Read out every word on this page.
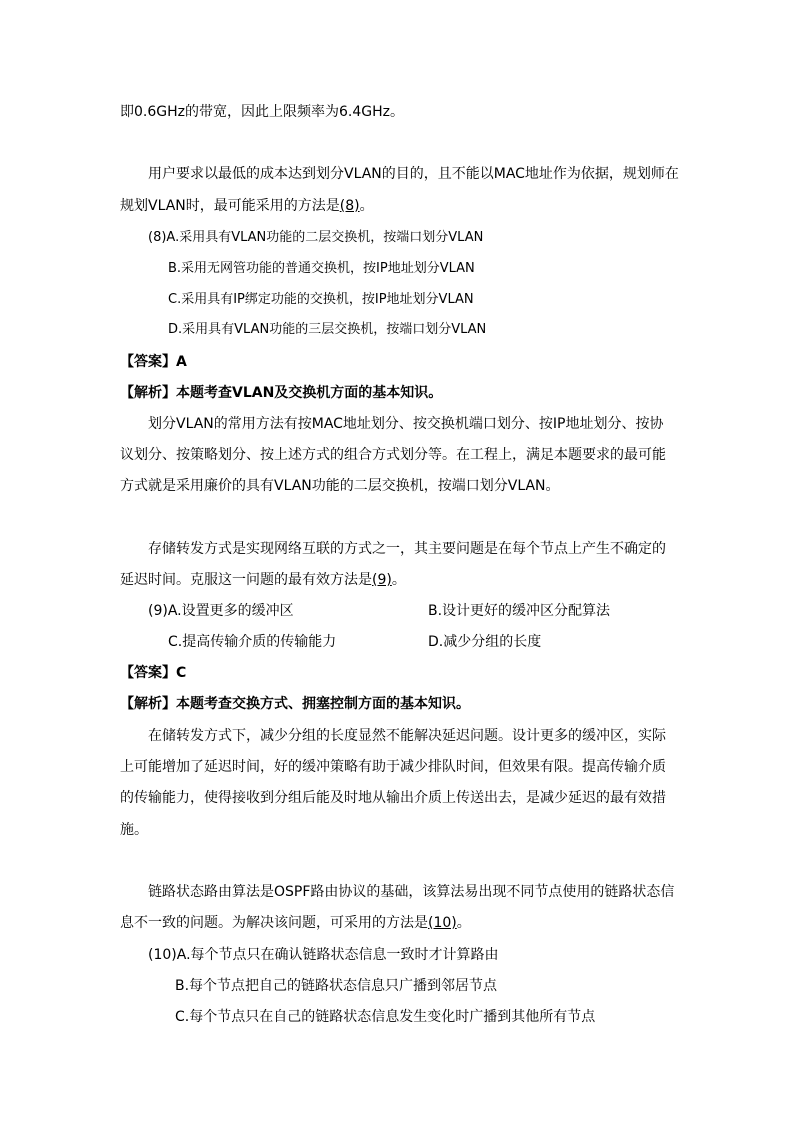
即0.6GHz的带宽，因此上限频率为6.4GHz。
用户要求以最低的成本达到划分VLAN的目的，且不能以MAC地址作为依据，规划师在
规划VLAN时，最可能采用的方法是(8)。
(8)A.采用具有VLAN功能的二层交换机，按端口划分VLAN
B.采用无网管功能的普通交换机，按IP地址划分VLAN
C.采用具有IP绑定功能的交换机，按IP地址划分VLAN
D.采用具有VLAN功能的三层交换机，按端口划分VLAN
【答案】A
【解析】本题考查VLAN及交换机方面的基本知识。
划分VLAN的常用方法有按MAC地址划分、按交换机端口划分、按IP地址划分、按协
议划分、按策略划分、按上述方式的组合方式划分等。在工程上，满足本题要求的最可能
方式就是采用廉价的具有VLAN功能的二层交换机，按端口划分VLAN。
存储转发方式是实现网络互联的方式之一，其主要问题是在每个节点上产生不确定的
延迟时间。克服这一问题的最有效方法是(9)。
(9)A.设置更多的缓冲区	B.设计更好的缓冲区分配算法
C.提高传输介质的传输能力	D.减少分组的长度
【答案】C
【解析】本题考查交换方式、拥塞控制方面的基本知识。
在储转发方式下，减少分组的长度显然不能解决延迟问题。设计更多的缓冲区，实际
上可能增加了延迟时间，好的缓冲策略有助于减少排队时间，但效果有限。提高传输介质
的传输能力，使得接收到分组后能及时地从输出介质上传送出去，是减少延迟的最有效措
施。
链路状态路由算法是OSPF路由协议的基础，该算法易出现不同节点使用的链路状态信
息不一致的问题。为解决该问题，可采用的方法是(10)。
(10)A.每个节点只在确认链路状态信息一致时才计算路由
B.每个节点把自己的链路状态信息只广播到邻居节点
C.每个节点只在自己的链路状态信息发生变化时广播到其他所有节点
